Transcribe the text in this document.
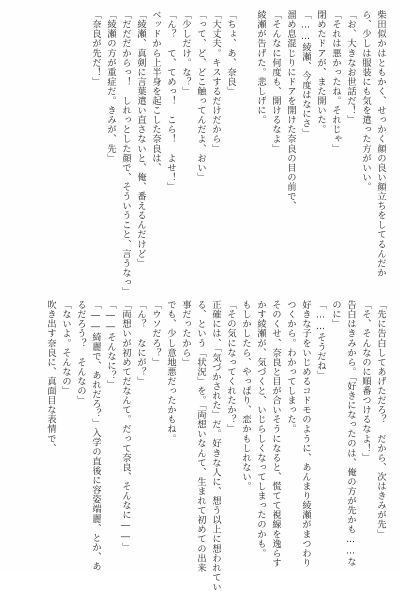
柴田似かはともかく、せっかく顔の良い顔立ちをしてるんだか
ら、少しは服装にも気を遣った方がいい。
「お、大きなお世話だ！」
「それは悪かったね。それじゃ」
閉めたドアが、また開いた。
「……綾瀬、今度はなにさ」
溜め息混じりにドアを開けた奈良の目の前で、
「そんなに何度も、開けるなよ」
綾瀬が告げた。悲しげに。
「ちょ、あ、奈良」
「大丈夫。キスするだけだから」
「って、ど、どこ触ってんだよ、おい」
「少しだけ。な？」
「ん？　て、てめっ！　こら！　よせ！」
ベッドから上半身を起こした奈良は、
「綾瀬、真剣に言葉遣い直さないと、俺、番えるんだけど」
「だだだからっ！　しれっとした顔で、そういうこと、言うなっ」
「綾瀬の方が重症だ。きみが、先」
「奈良が先だ！」
「先に告白してあげただろ？　だから、次はきみが先」
「そ、そんなのに順番つけるなよ！」
告白はきみから。「好きになったのは、俺の方が先かも……な
のに」
「……そうだね」
好きな子をいじめるコドモのように、あんまり綾瀬がまつわり
つくから。わかってしまった。
そのくせ、奈良と目が合いそうになると、慌てて視線を逸らす
かす綾瀬が、気づくと、いじらしくなってしまったのかも。
もしかしたら、やっぱり、恋かもしれない。
「その気になってくれたか？」
正確には、「気づかされた」だ。好きな人に、想う以上に想われてい
る、という「状況」を。「両想いなんて、生まれて初めての出来
事だったから」
でも、少し意地悪だったかもね。
「ウソだろ？」
「ん？　なにが？」
「両想いが初めてだなんて。だって奈良、そんなに――」
「――そんなに？」
「――綺麗で、あれだろ？」入学の直後に容姿端麗、とか、あ
るだろう？　そんなの」
「ないよ。そんなの」
吹き出す奈良に、真面目な表情で、
